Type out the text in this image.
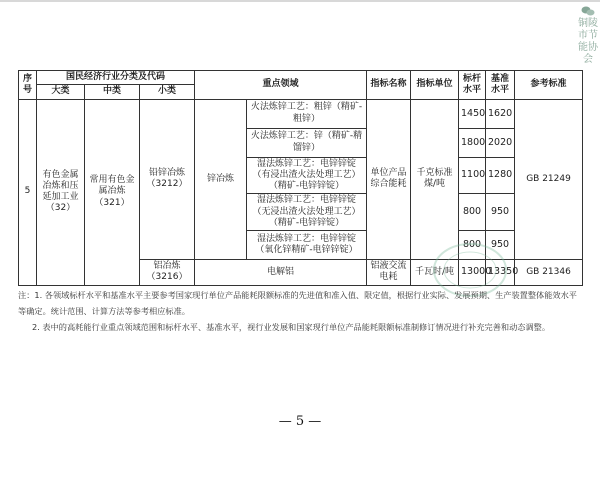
序号	国民经济行业分类及代码			重点领域		指标名称	指标单位	标杆水平	基准水平	参考标准
	大类	中类	小类							
5	有色金属冶炼和压延加工业（32）	常用有色金属冶炼（321）	铅锌冶炼（3212）	锌冶炼	火法炼锌工艺：粗锌（精矿-粗锌）	单位产品综合能耗	千克标准煤/吨	1450	1620	GB 21249
					火法炼锌工艺：锌（精矿-精馏锌）			1800	2020	
					湿法炼锌工艺：电锌锌锭（有浸出渣火法处理工艺）（精矿-电锌锌锭）			1100	1280	
					湿法炼锌工艺：电锌锌锭（无浸出渣火法处理工艺）（精矿-电锌锌锭）			800	950	
					湿法炼锌工艺：电锌锌锭（氧化锌精矿-电锌锌锭）			800	950	
			铝冶炼（3216）	电解铝		铝液交流电耗	千瓦时/吨	13000	13350	GB 21346

注：1. 各领域标杆水平和基准水平主要参考国家现行单位产品能耗限额标准的先进值和准入值、限定值，根据行业实际、发展预期、生产装置整体能效水平等确定。统计范围、计算方法等参考相应标准。

2. 表中的高耗能行业重点领域范围和标杆水平、基准水平，视行业发展和国家现行单位产品能耗限额标准制修订情况进行补充完善和动态调整。

— 5 —
铜陵市节能协会
